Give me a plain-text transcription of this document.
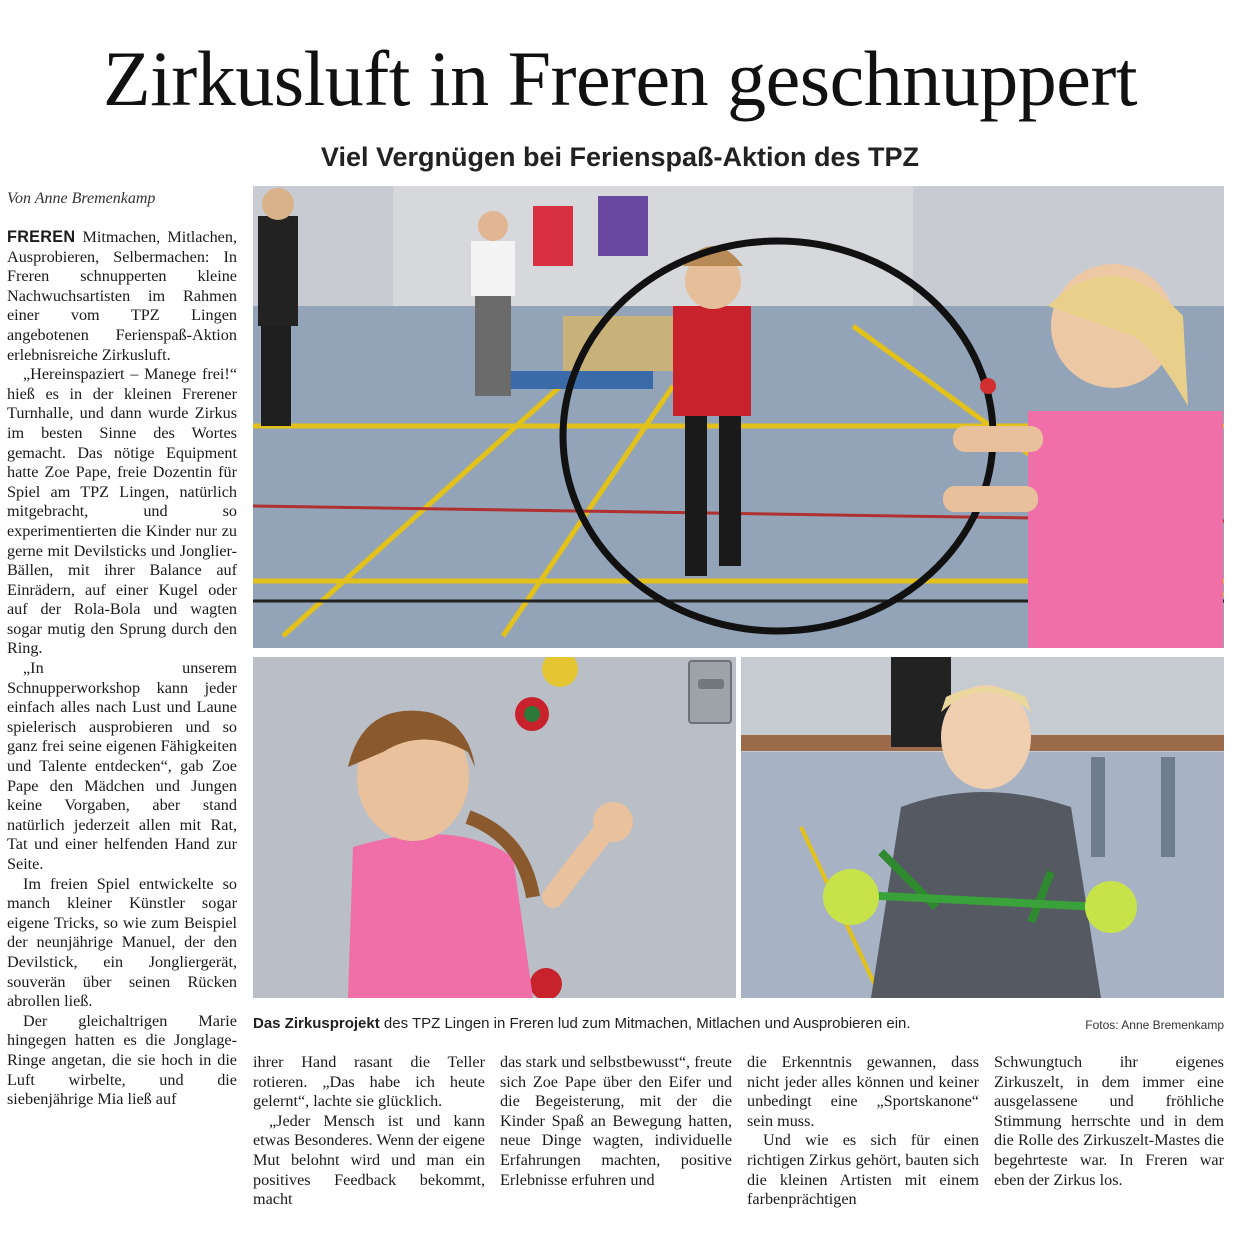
Zirkusluft in Freren geschnuppert
Viel Vergnügen bei Ferienspaß-Aktion des TPZ
Von Anne Bremenkamp

FREREN Mitmachen, Mitlachen, Ausprobieren, Selbermachen: In Freren schnupperten kleine Nachwuchsartisten im Rahmen einer vom TPZ Lingen angebotenen Ferienspaß-Aktion erlebnisreiche Zirkusluft.

„Hereinspaziert – Manege frei!“ hieß es in der kleinen Frerener Turnhalle, und dann wurde Zirkus im besten Sinne des Wortes gemacht. Das nötige Equipment hatte Zoe Pape, freie Dozentin für Spiel am TPZ Lingen, natürlich mitgebracht, und so experimentierten die Kinder nur zu gerne mit Devilsticks und Jonglier-Bällen, mit ihrer Balance auf Einrädern, auf einer Kugel oder auf der Rola-Bola und wagten sogar mutig den Sprung durch den Ring.

„In unserem Schnupperworkshop kann jeder einfach alles nach Lust und Laune spielerisch ausprobieren und so ganz frei seine eigenen Fähigkeiten und Talente entdecken“, gab Zoe Pape den Mädchen und Jungen keine Vorgaben, aber stand natürlich jederzeit allen mit Rat, Tat und einer helfenden Hand zur Seite.

Im freien Spiel entwickelte so manch kleiner Künstler sogar eigene Tricks, so wie zum Beispiel der neunjährige Manuel, der den Devilstick, ein Jongliergerät, souverän über seinen Rücken abrollen ließ.

Der gleichaltrigen Marie hingegen hatten es die Jonglage-Ringe angetan, die sie hoch in die Luft wirbelte, und die siebenjährige Mia ließ auf

Das Zirkusprojekt des TPZ Lingen in Freren lud zum Mitmachen, Mitlachen und Ausprobieren ein.	Fotos: Anne Bremenkamp

ihrer Hand rasant die Teller rotieren. „Das habe ich heute gelernt“, lachte sie glücklich.

„Jeder Mensch ist und kann etwas Besonderes. Wenn der eigene Mut belohnt wird und man ein positives Feedback bekommt, macht

das stark und selbstbewusst“, freute sich Zoe Pape über den Eifer und die Begeisterung, mit der die Kinder Spaß an Bewegung hatten, neue Dinge wagten, individuelle Erfahrungen machten, positive Erlebnisse erfuhren und

die Erkenntnis gewannen, dass nicht jeder alles können und keiner unbedingt eine „Sportskanone“ sein muss.

Und wie es sich für einen richtigen Zirkus gehört, bauten sich die kleinen Artisten mit einem farbenprächtigen

Schwungtuch ihr eigenes Zirkuszelt, in dem immer eine ausgelassene und fröhliche Stimmung herrschte und in dem die Rolle des Zirkuszelt-Mastes die begehrteste war. In Freren war eben der Zirkus los.
